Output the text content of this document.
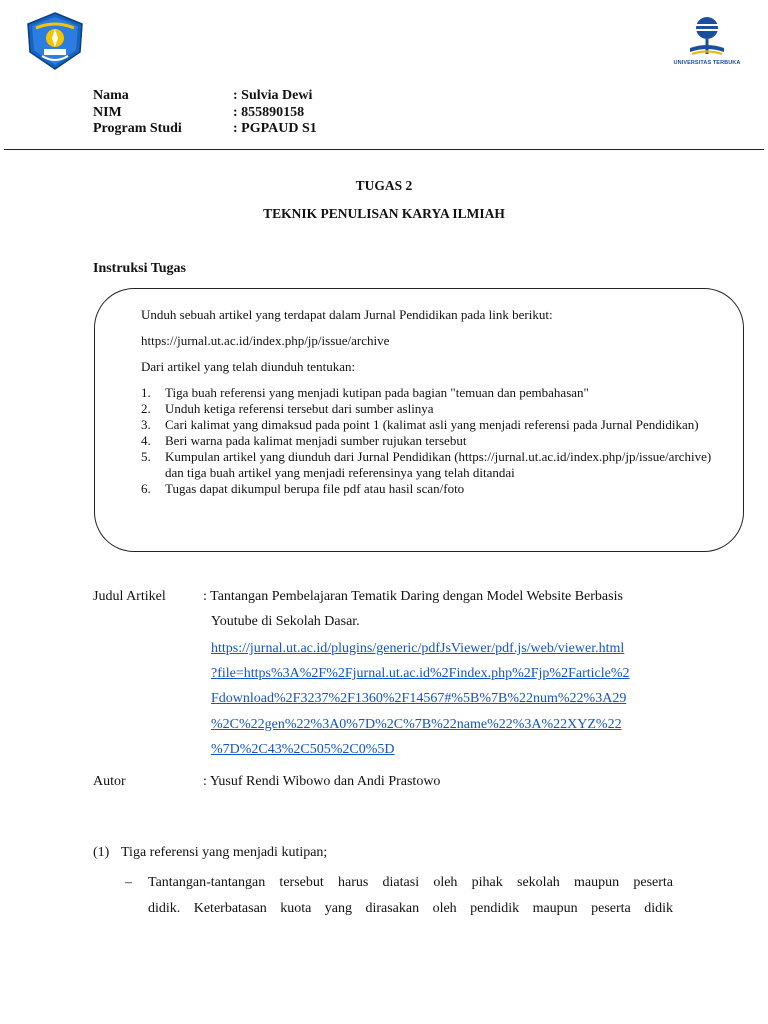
UNIVERSITAS TERBUKA
Nama	: Sulvia Dewi
NIM	: 855890158
Program Studi	: PGPAUD S1
TUGAS 2
TEKNIK PENULISAN KARYA ILMIAH
Instruksi Tugas

Unduh sebuah artikel yang terdapat dalam Jurnal Pendidikan pada link berikut:

https://jurnal.ut.ac.id/index.php/jp/issue/archive

Dari artikel yang telah diunduh tentukan:

1.	Tiga buah referensi yang menjadi kutipan pada bagian "temuan dan pembahasan"
2.	Unduh ketiga referensi tersebut dari sumber aslinya
3.	Cari kalimat yang dimaksud pada point 1 (kalimat asli yang menjadi referensi pada Jurnal Pendidikan)
4.	Beri warna pada kalimat menjadi sumber rujukan tersebut
5.	Kumpulan artikel yang diunduh dari Jurnal Pendidikan (https://jurnal.ut.ac.id/index.php/jp/issue/archive) dan tiga buah artikel yang menjadi referensinya yang telah ditandai
6.	Tugas dapat dikumpul berupa file pdf atau hasil scan/foto
Judul Artikel	: Tantangan Pembelajaran Tematik Daring dengan Model Website Berbasis
Youtube di Sekolah Dasar.
https://jurnal.ut.ac.id/plugins/generic/pdfJsViewer/pdf.js/web/viewer.html
?file=https%3A%2F%2Fjurnal.ut.ac.id%2Findex.php%2Fjp%2Farticle%2
Fdownload%2F3237%2F1360%2F14567#%5B%7B%22num%22%3A29
%2C%22gen%22%3A0%7D%2C%7B%22name%22%3A%22XYZ%22
%7D%2C43%2C505%2C0%5D
Autor	: Yusuf Rendi Wibowo dan Andi Prastowo
(1) Tiga referensi yang menjadi kutipan;
– Tantangan-tantangan tersebut harus diatasi oleh pihak sekolah maupun peserta
didik. Keterbatasan kuota yang dirasakan oleh pendidik maupun peserta didik
